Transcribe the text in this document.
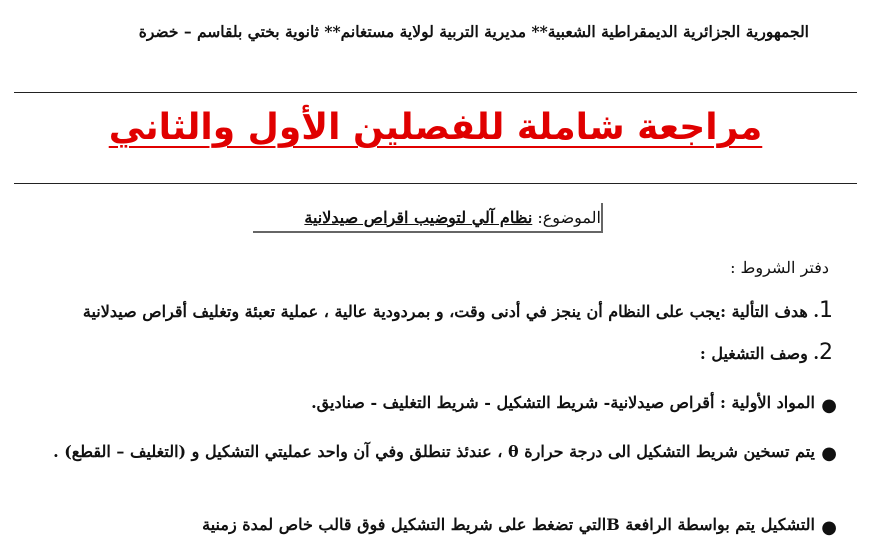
الجمهورية الجزائرية الديمقراطية الشعبية** مديرية التربية لولاية مستغانم** ثانوية بختي بلقاسم – خضرة
مراجعة شاملة للفصلين الأول والثاني
الموضوع: نظام آلي لتوضيب اقراص صيدلانية
دفتر الشروط :
1. هدف التألية :يجب على النظام أن ينجز في أدنى وقت، و بمردودية عالية ، عملية تعبئة وتغليف أقراص صيدلانية
2. وصف التشغيل :
●
المواد الأولية : أقراص صيدلانية- شريط التشكيل - شريط التغليف - صناديق.
●
يتم تسخين شريط التشكيل الى درجة حرارة θ ، عندئذ تنطلق وفي آن واحد عمليتي التشكيل و (التغليف – القطع) .
●
التشكيل يتم بواسطة الرافعة Bالتي تضغط على شريط التشكيل فوق قالب خاص لمدة زمنية
